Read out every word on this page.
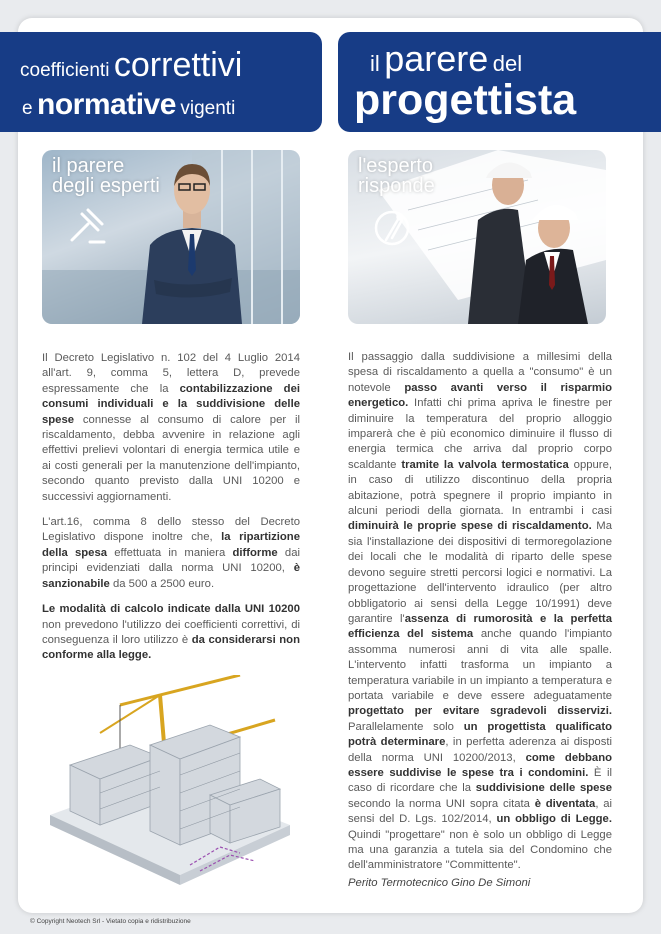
coefficienti correttivi
e normative vigenti
il parere del
progettista
il parere
degli esperti
l'esperto
risponde

Il Decreto Legislativo n. 102 del 4 Luglio 2014 all'art. 9, comma 5, lettera D, prevede espressamente che la contabilizzazione dei consumi individuali e la suddivisione delle spese connesse al consumo di calore per il riscaldamento, debba avvenire in relazione agli effettivi prelievi volontari di energia termica utile e ai costi generali per la manutenzione dell'impianto, secondo quanto previsto dalla UNI 10200 e successivi aggiornamenti.

L'art.16, comma 8 dello stesso del Decreto Legislativo dispone inoltre che, la ripartizione della spesa effettuata in maniera difforme dai principi evidenziati dalla norma UNI 10200, è sanzionabile da 500 a 2500 euro.

Le modalità di calcolo indicate dalla UNI 10200 non prevedono l'utilizzo dei coefficienti correttivi, di conseguenza il loro utilizzo è da considerarsi non conforme alla legge.

Il passaggio dalla suddivisione a millesimi della spesa di riscaldamento a quella a "consumo" è un notevole passo avanti verso il risparmio energetico. Infatti chi prima apriva le finestre per diminuire la temperatura del proprio alloggio imparerà che è più economico diminuire il flusso di energia termica che arriva dal proprio corpo scaldante tramite la valvola termostatica oppure, in caso di utilizzo discontinuo della propria abitazione, potrà spegnere il proprio impianto in alcuni periodi della giornata. In entrambi i casi diminuirà le proprie spese di riscaldamento. Ma sia l'installazione dei dispositivi di termoregolazione dei locali che le modalità di riparto delle spese devono seguire stretti percorsi logici e normativi. La progettazione dell'intervento idraulico (per altro obbligatorio ai sensi della Legge 10/1991) deve garantire l'assenza di rumorosità e la perfetta efficienza del sistema anche quando l'impianto assomma numerosi anni di vita alle spalle. L'intervento infatti trasforma un impianto a temperatura variabile in un impianto a temperatura e portata variabile e deve essere adeguatamente progettato per evitare sgradevoli disservizi. Parallelamente solo un progettista qualificato potrà determinare, in perfetta aderenza ai disposti della norma UNI 10200/2013, come debbano essere suddivise le spese tra i condomini. È il caso di ricordare che la suddivisione delle spese secondo la norma UNI sopra citata è diventata, ai sensi del D. Lgs. 102/2014, un obbligo di Legge. Quindi "progettare" non è solo un obbligo di Legge ma una garanzia a tutela sia del Condomino che dell'amministratore "Committente".

Perito Termotecnico Gino De Simoni

© Copyright Neotech Srl - Vietato copia e ridistribuzione
